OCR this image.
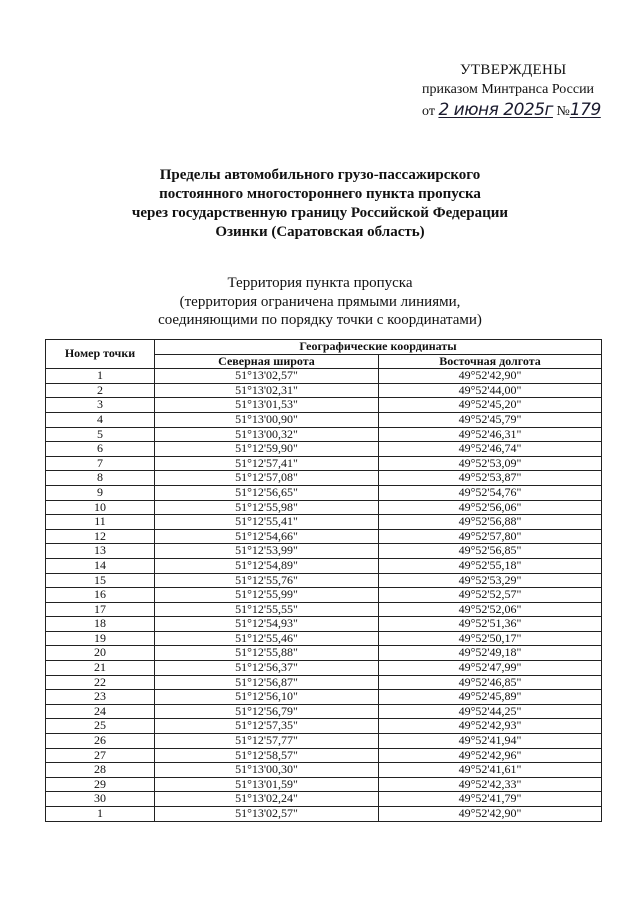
УТВЕРЖДЕНЫ
приказом Минтранса России
от 2 июня 2025г №179
Пределы автомобильного грузо-пассажирского
постоянного многостороннего пункта пропуска
через государственную границу Российской Федерации
Озинки (Саратовская область)
Территория пункта пропуска
(территория ограничена прямыми линиями,
соединяющими по порядку точки с координатами)
Номер точки	Географические координаты	
	Северная широта	Восточная долгота
1	51°13'02,57"	49°52'42,90"
2	51°13'02,31"	49°52'44,00"
3	51°13'01,53"	49°52'45,20"
4	51°13'00,90"	49°52'45,79"
5	51°13'00,32"	49°52'46,31"
6	51°12'59,90"	49°52'46,74"
7	51°12'57,41"	49°52'53,09"
8	51°12'57,08"	49°52'53,87"
9	51°12'56,65"	49°52'54,76"
10	51°12'55,98"	49°52'56,06"
11	51°12'55,41"	49°52'56,88"
12	51°12'54,66"	49°52'57,80"
13	51°12'53,99"	49°52'56,85"
14	51°12'54,89"	49°52'55,18"
15	51°12'55,76"	49°52'53,29"
16	51°12'55,99"	49°52'52,57"
17	51°12'55,55"	49°52'52,06"
18	51°12'54,93"	49°52'51,36"
19	51°12'55,46"	49°52'50,17"
20	51°12'55,88"	49°52'49,18"
21	51°12'56,37"	49°52'47,99"
22	51°12'56,87"	49°52'46,85"
23	51°12'56,10"	49°52'45,89"
24	51°12'56,79"	49°52'44,25"
25	51°12'57,35"	49°52'42,93"
26	51°12'57,77"	49°52'41,94"
27	51°12'58,57"	49°52'42,96"
28	51°13'00,30"	49°52'41,61"
29	51°13'01,59"	49°52'42,33"
30	51°13'02,24"	49°52'41,79"
1	51°13'02,57"	49°52'42,90"
